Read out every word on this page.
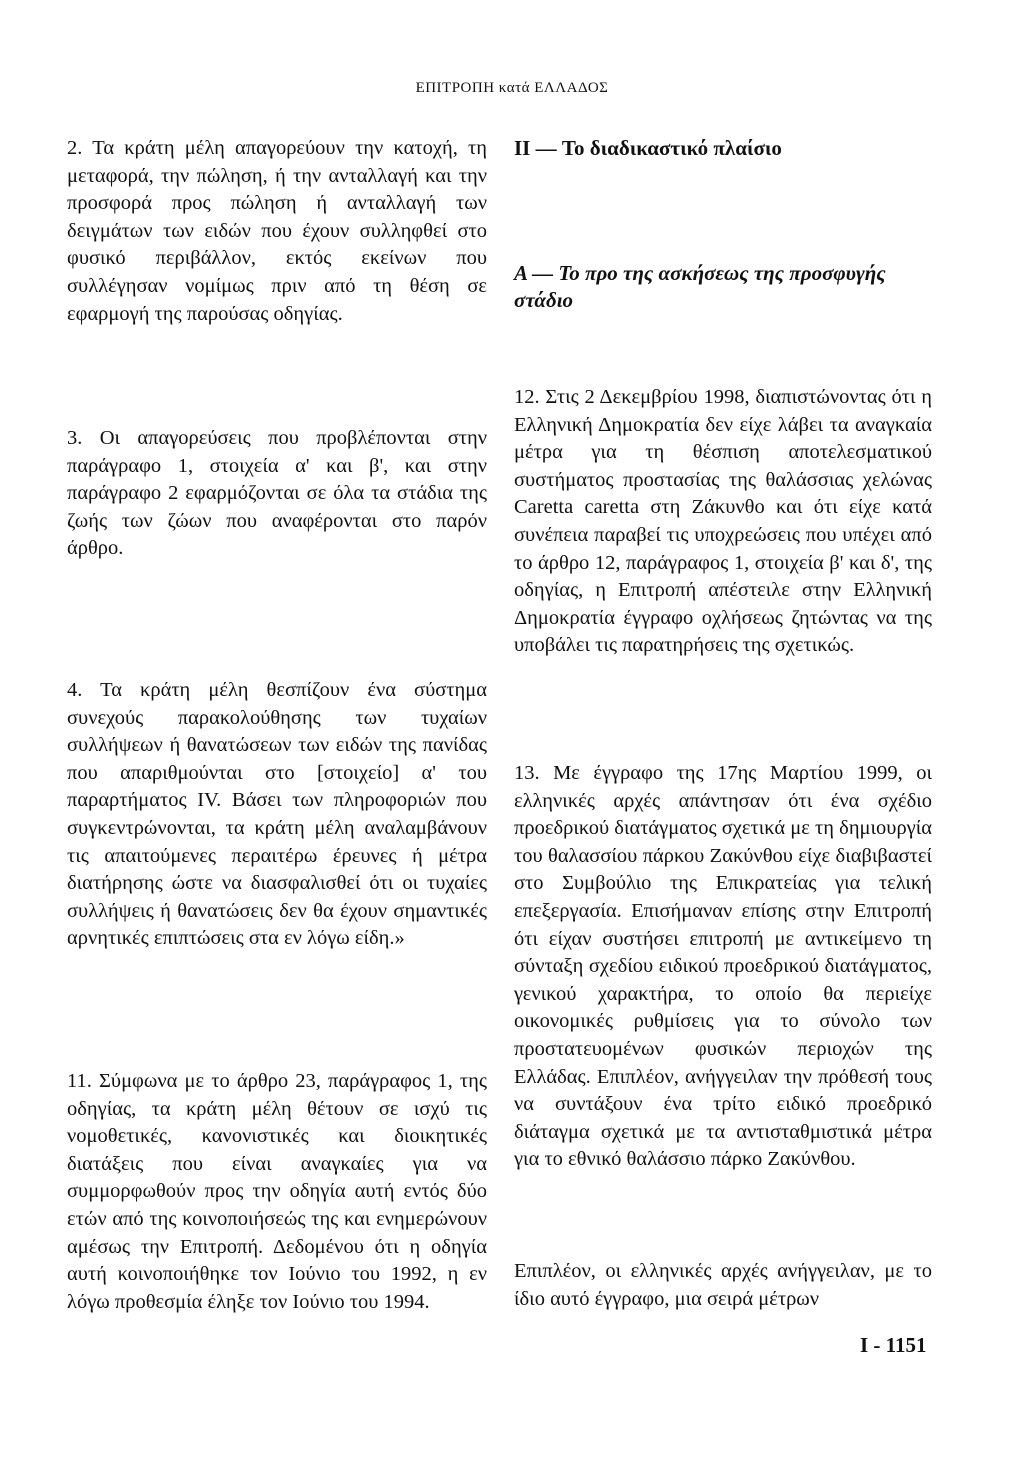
ΕΠΙΤΡΟΠΗ κατά ΕΛΛΑΔΟΣ

2. Τα κράτη μέλη απαγορεύουν την κατοχή, τη μεταφορά, την πώληση, ή την ανταλλαγή και την προσφορά προς πώληση ή ανταλλαγή των δειγμάτων των ειδών που έχουν συλληφθεί στο φυσικό περιβάλλον, εκτός εκείνων που συλλέγησαν νομίμως πριν από τη θέση σε εφαρμογή της παρούσας οδηγίας.

3. Οι απαγορεύσεις που προβλέπονται στην παράγραφο 1, στοιχεία α' και β', και στην παράγραφο 2 εφαρμόζονται σε όλα τα στάδια της ζωής των ζώων που αναφέρονται στο παρόν άρθρο.

4. Τα κράτη μέλη θεσπίζουν ένα σύστημα συνεχούς παρακολούθησης των τυχαίων συλλήψεων ή θανατώσεων των ειδών της πανίδας που απαριθμούνται στο [στοιχείο] α' του παραρτήματος IV. Βάσει των πληροφοριών που συγκεντρώνονται, τα κράτη μέλη αναλαμβάνουν τις απαιτούμενες περαιτέρω έρευνες ή μέτρα διατήρησης ώστε να διασφαλισθεί ότι οι τυχαίες συλλήψεις ή θανατώσεις δεν θα έχουν σημαντικές αρνητικές επιπτώσεις στα εν λόγω είδη.»

11. Σύμφωνα με το άρθρο 23, παράγραφος 1, της οδηγίας, τα κράτη μέλη θέτουν σε ισχύ τις νομοθετικές, κανονιστικές και διοικητικές διατάξεις που είναι αναγκαίες για να συμμορφωθούν προς την οδηγία αυτή εντός δύο ετών από της κοινοποιήσεώς της και ενημερώνουν αμέσως την Επιτροπή. Δεδομένου ότι η οδηγία αυτή κοινοποιήθηκε τον Ιούνιο του 1992, η εν λόγω προθεσμία έληξε τον Ιούνιο του 1994.

II — Το διαδικαστικό πλαίσιο
Α — Το προ της ασκήσεως της προσφυγής στάδιο

12. Στις 2 Δεκεμβρίου 1998, διαπιστώνοντας ότι η Ελληνική Δημοκρατία δεν είχε λάβει τα αναγκαία μέτρα για τη θέσπιση αποτελεσματικού συστήματος προστασίας της θαλάσσιας χελώνας Caretta caretta στη Ζάκυνθο και ότι είχε κατά συνέπεια παραβεί τις υποχρεώσεις που υπέχει από το άρθρο 12, παράγραφος 1, στοιχεία β' και δ', της οδηγίας, η Επιτροπή απέστειλε στην Ελληνική Δημοκρατία έγγραφο οχλήσεως ζητώντας να της υποβάλει τις παρατηρήσεις της σχετικώς.

13. Με έγγραφο της 17ης Μαρτίου 1999, οι ελληνικές αρχές απάντησαν ότι ένα σχέδιο προεδρικού διατάγματος σχετικά με τη δημιουργία του θαλασσίου πάρκου Ζακύνθου είχε διαβιβαστεί στο Συμβούλιο της Επικρατείας για τελική επεξεργασία. Επισήμαναν επίσης στην Επιτροπή ότι είχαν συστήσει επιτροπή με αντικείμενο τη σύνταξη σχεδίου ειδικού προεδρικού διατάγματος, γενικού χαρακτήρα, το οποίο θα περιείχε οικονομικές ρυθμίσεις για το σύνολο των προστατευομένων φυσικών περιοχών της Ελλάδας. Επιπλέον, ανήγγειλαν την πρόθεσή τους να συντάξουν ένα τρίτο ειδικό προεδρικό διάταγμα σχετικά με τα αντισταθμιστικά μέτρα για το εθνικό θαλάσσιο πάρκο Ζακύνθου.

Επιπλέον, οι ελληνικές αρχές ανήγγειλαν, με το ίδιο αυτό έγγραφο, μια σειρά μέτρων

I - 1151
